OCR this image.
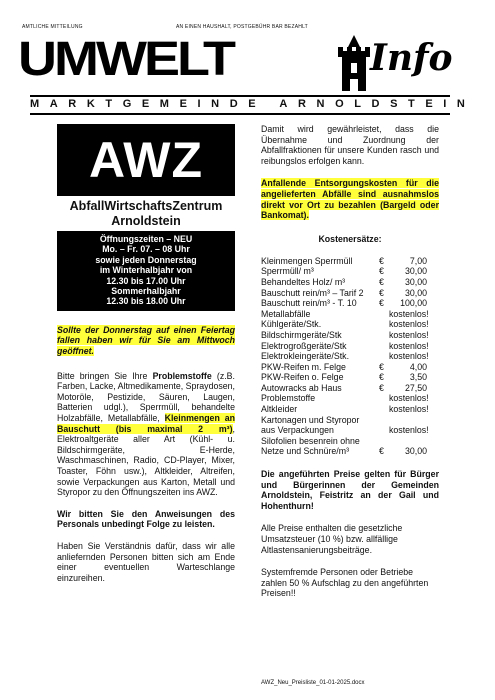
AMTLICHE MITTEILUNG	AN EINEN HAUSHALT, POSTGEBÜHR BAR BEZAHLT
UMWELT	Info
MARKTGEMEINDE ARNOLDSTEIN
AWZ
AbfallWirtschaftsZentrum
Arnoldstein
Öffnungszeiten – NEU
Mo. – Fr. 07. – 08 Uhr
sowie jeden Donnerstag
im Winterhalbjahr von
12.30 bis 17.00 Uhr
Sommerhalbjahr
12.30 bis 18.00 Uhr
Sollte der Donnerstag auf einen Feiertag fallen haben wir für Sie am Mittwoch geöffnet.
Bitte bringen Sie Ihre Problemstoffe (z.B. Farben, Lacke, Altmedikamente, Spraydosen, Motoröle, Pestizide, Säuren, Laugen, Batterien udgl.), Sperrmüll, behandelte Holzabfälle, Metallabfälle, Kleinmengen an Bauschutt (bis maximal 2 m³), Elektroaltgeräte aller Art (Kühl- u. Bildschirmgeräte, E-Herde, Waschmaschinen, Radio, CD-Player, Mixer, Toaster, Föhn usw.), Altkleider, Altreifen, sowie Verpackungen aus Karton, Metall und Styropor zu den Öffnungszeiten ins AWZ.
Wir bitten Sie den Anweisungen des Personals unbedingt Folge zu leisten.
Haben Sie Verständnis dafür, dass wir alle anliefernden Personen bitten sich am Ende einer eventuellen Warteschlange einzureihen.
Damit wird gewährleistet, dass die Übernahme und Zuordnung der Abfallfraktionen für unsere Kunden rasch und reibungslos erfolgen kann.
Anfallende Entsorgungskosten für die angelieferten Abfälle sind ausnahmslos direkt vor Ort zu bezahlen (Bargeld oder Bankomat).
Kostenersätze:
Kleinmengen Sperrmüll	€	7,00
Sperrmüll/ m³	€	30,00
Behandeltes Holz/ m³	€	30,00
Bauschutt rein/m³ – Tarif 2	€	30,00
Bauschutt rein/m³ - T. 10	€	100,00
Metallabfälle	kostenlos!
Kühlgeräte/Stk.	kostenlos!
Bildschirmgeräte/Stk	kostenlos!
Elektrogroßgeräte/Stk	kostenlos!
Elektrokleingeräte/Stk.	kostenlos!
PKW-Reifen m. Felge	€	4,00
PKW-Reifen o. Felge	€	3,50
Autowracks ab Haus	€	27,50
Problemstoffe	kostenlos!
Altkleider	kostenlos!
Kartonagen und Styropor
aus Verpackungen	kostenlos!
Silofolien besenrein ohne
Netze und Schnüre/m³	€	30,00
Die angeführten Preise gelten für Bürger und Bürgerinnen der Gemeinden Arnoldstein, Feistritz an der Gail und Hohenthurn!
Alle Preise enthalten die gesetzliche Umsatzsteuer (10 %) bzw. allfällige Altlastensanierungsbeiträge.
Systemfremde Personen oder Betriebe zahlen 50 % Aufschlag zu den angeführten Preisen!!
AWZ_Neu_Preisliste_01-01-2025.docx
